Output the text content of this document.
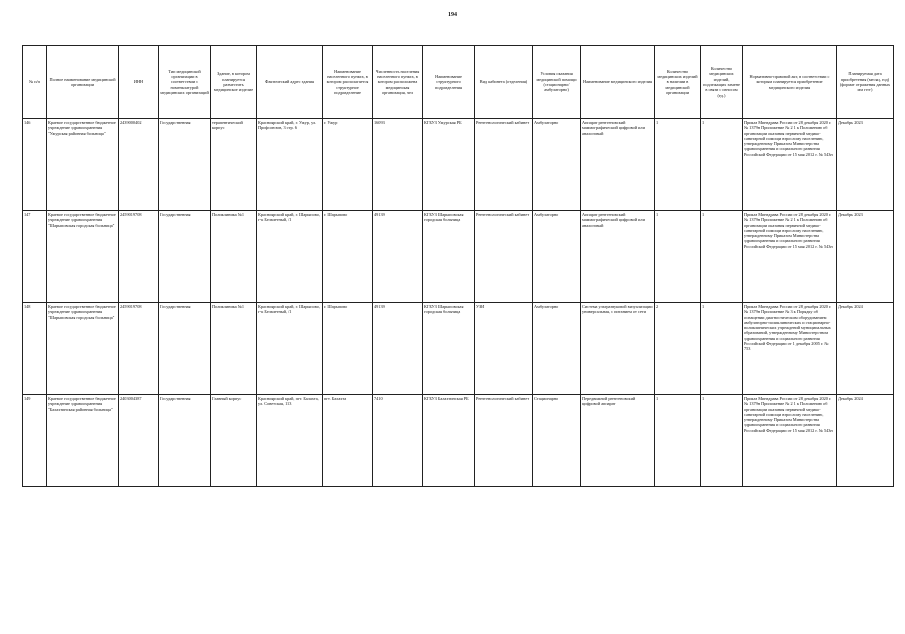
194
№ п/п	Полное наименование медицинской организации	ИНН	Тип медицинской организации в соответствии с номенклатурой медицинских организаций	Здание, в котором планируется разместить медицинское изделие	Фактический адрес здания	Наименование населенного пункта, в котором располагается структурное подразделение	Численность населения населенного пункта, в котором расположена медицинская организация, чел	Наименование структурного подразделения	Вид кабинета (отделения)	Условия оказания медицинской помощи (стационарно/ амбулаторно)	Наименование медицинского изделия	Количество медицинских изделий в наличии в медицинской организации	Количество медицинских изделий, подлежащих замене в связи с износом (ед.)	Нормативно-правовой акт, в соответствии с которым планируется приобретение медицинского изделия	Планируемая дата приобретения (месяц, год) (формат отражения данных мм гггг)
146	Краевое государственное бюджетное учреждение здравоохранения "Ужурская районная больница"	2439000402	Государственная	терапевтический корпус	Красноярский край, г. Ужур, ул. Профсоюзов, 3 стр. 6	г. Ужур	16093	КГБУЗ Ужурская РБ	Рентгенологический кабинет	Амбулаторно	Аппарат рентгеновский маммографический цифровой или аналоговый	1	1	Приказ Минздрава России от 28 декабря 2020 г. № 1379н Приложение № 2 1 к Положению об организации оказания первичной медико-санитарной помощи взрослому населению, утвержденному Приказом Министерства здравоохранения и социального развития Российской Федерации от 15 мая 2012 г. № 543н	Декабрь 2023
147	Краевое государственное бюджетное учреждение здравоохранения "Шарыповская городская больница"	2459019708	Государственная	Поликлиника №1	Красноярский край, г. Шарыпово, г-к Бельчетный, /1	г. Шарыпово	49139	КГБУЗ Шарыповская городская больница	Рентгенологический кабинет	Амбулаторно	Аппарат рентгеновский маммографический цифровой или аналоговый	1	1	Приказ Минздрава России от 28 декабря 2020 г. № 1379н Приложение № 2 1 к Положению об организации оказания первичной медико-санитарной помощи взрослому населению, утвержденному Приказом Министерства здравоохранения и социального развития Российской Федерации от 15 мая 2012 г. № 543н	Декабрь 2023
148	Краевое государственное бюджетное учреждение здравоохранения "Шарыповская городская больница"	2459019708	Государственная	Поликлиника №1	Красноярский край, г. Шарыпово, г-к Бельчетный, /1	г. Шарыпово	49139	КГБУЗ Шарыповская городская больница	УЗИ	Амбулаторно	Система ультразвуковой визуализации универсальная, с питанием от сети	2	1	Приказ Минздрава России от 28 декабря 2020 г. № 1379н Приложение № 3 к Порядку об оснащении диагностическим оборудованием амбулаторно-поликлинических и стационарно-поликлинических учреждений муниципальных образований, утвержденному Министерством здравоохранения и социального развития Российской Федерации от 1 декабря 2005 г. № 753	Декабрь 2024
149	Краевое государственное бюджетное учреждение здравоохранения "Балахтинская районная больница"	2403004387	Государственная	Главный корпус	Красноярский край, пгт. Балахта, ул. Советская, 113	пгт. Балахта	7410	КГБУЗ Балахтинская РБ	Рентгенологический кабинет	Стационарно	Передвижной рентгеновский цифровой аппарат	1	1	Приказ Минздрава России от 28 декабря 2020 г. № 1379н Приложение № 2 1 к Положению об организации оказания первичной медико-санитарной помощи взрослому населению, утвержденному Приказом Министерства здравоохранения и социального развития Российской Федерации от 15 мая 2012 г. № 543н	Декабрь 2024
